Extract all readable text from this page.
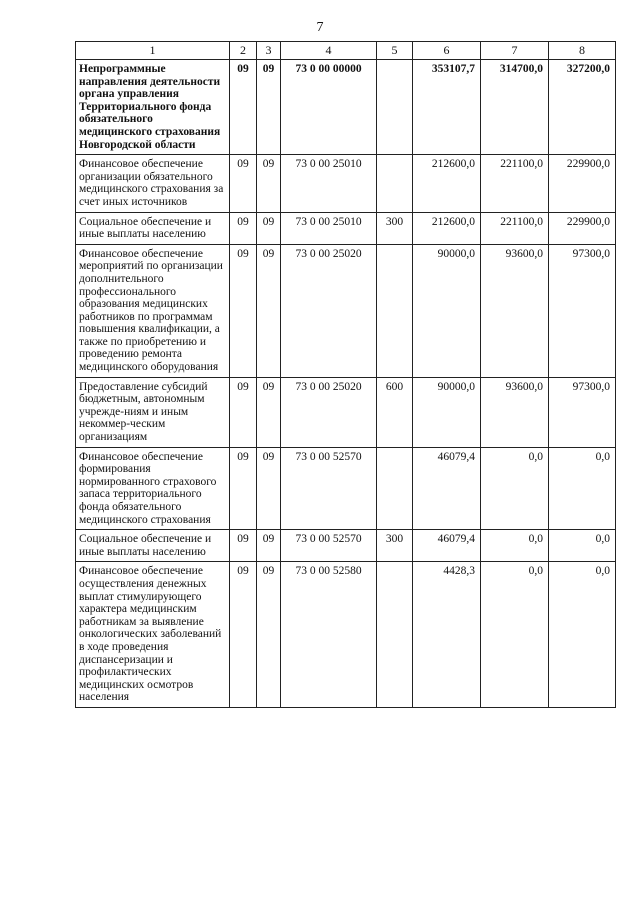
7
1	2	3	4	5	6	7	8
Непрограммные направления деятельности органа управления Территориального фонда обязательного медицинского страхования Новгородской области	09	09	73 0 00 00000		353107,7	314700,0	327200,0
Финансовое обеспечение организации обязательного медицинского страхования за счет иных источников	09	09	73 0 00 25010		212600,0	221100,0	229900,0
Социальное обеспечение и иные выплаты населению	09	09	73 0 00 25010	300	212600,0	221100,0	229900,0
Финансовое обеспечение мероприятий по организации дополнительного профессионального образования медицинских работников по программам повышения квалификации, а также по приобретению и проведению ремонта медицинского оборудования	09	09	73 0 00 25020		90000,0	93600,0	97300,0
Предоставление субсидий бюджетным, автономным учрежде-ниям и иным некоммер-ческим организациям	09	09	73 0 00 25020	600	90000,0	93600,0	97300,0
Финансовое обеспечение формирования нормированного страхового запаса территориального фонда обязательного медицинского страхования	09	09	73 0 00 52570		46079,4	0,0	0,0
Социальное обеспечение и иные выплаты населению	09	09	73 0 00 52570	300	46079,4	0,0	0,0
Финансовое обеспечение осуществления денежных выплат стимулирующего характера медицинским работникам за выявление онкологических заболеваний в ходе проведения диспансеризации и профилактических медицинских осмотров населения	09	09	73 0 00 52580		4428,3	0,0	0,0
